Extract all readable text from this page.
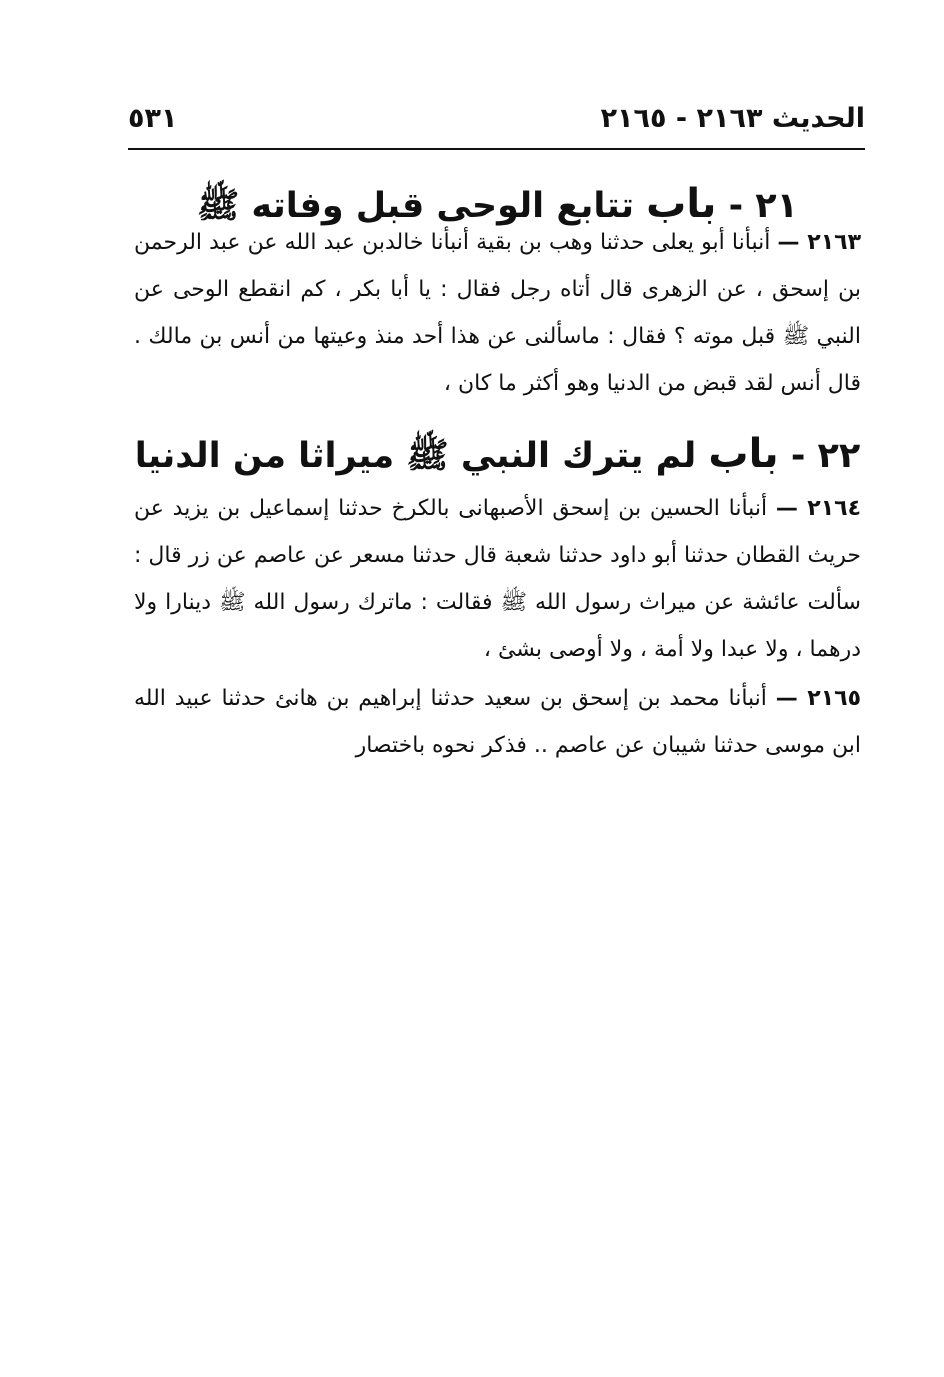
الحديث ٢١٦٣ - ٢١٦٥
٥٣١
٢١ - باب تتابع الوحى قبل وفاته ﷺ

٢١٦٣ — أنبأنا أبو يعلى حدثنا وهب بن بقية أنبأنا خالدبن عبد الله عن عبد الرحمن بن إسحق ، عن الزهرى قال أتاه رجل فقال : يا أبا بكر ، كم انقطع الوحى عن النبي ﷺ قبل موته ؟ فقال : ماسألنى عن هذا أحد منذ وعيتها من أنس بن مالك . قال أنس لقد قبض من الدنيا وهو أكثر ما كان ،

٢٢ - باب لم يترك النبي ﷺ ميراثا من الدنيا

٢١٦٤ — أنبأنا الحسين بن إسحق الأصبهانى بالكرخ حدثنا إسماعيل بن يزيد عن حريث القطان حدثنا أبو داود حدثنا شعبة قال حدثنا مسعر عن عاصم عن زر قال : سألت عائشة عن ميراث رسول الله ﷺ فقالت : ماترك رسول الله ﷺ دينارا ولا درهما ، ولا عبدا ولا أمة ، ولا أوصى بشئ ،

٢١٦٥ — أنبأنا محمد بن إسحق بن سعيد حدثنا إبراهيم بن هانئ حدثنا عبيد الله ابن موسى حدثنا شيبان عن عاصم .. فذكر نحوه باختصار
